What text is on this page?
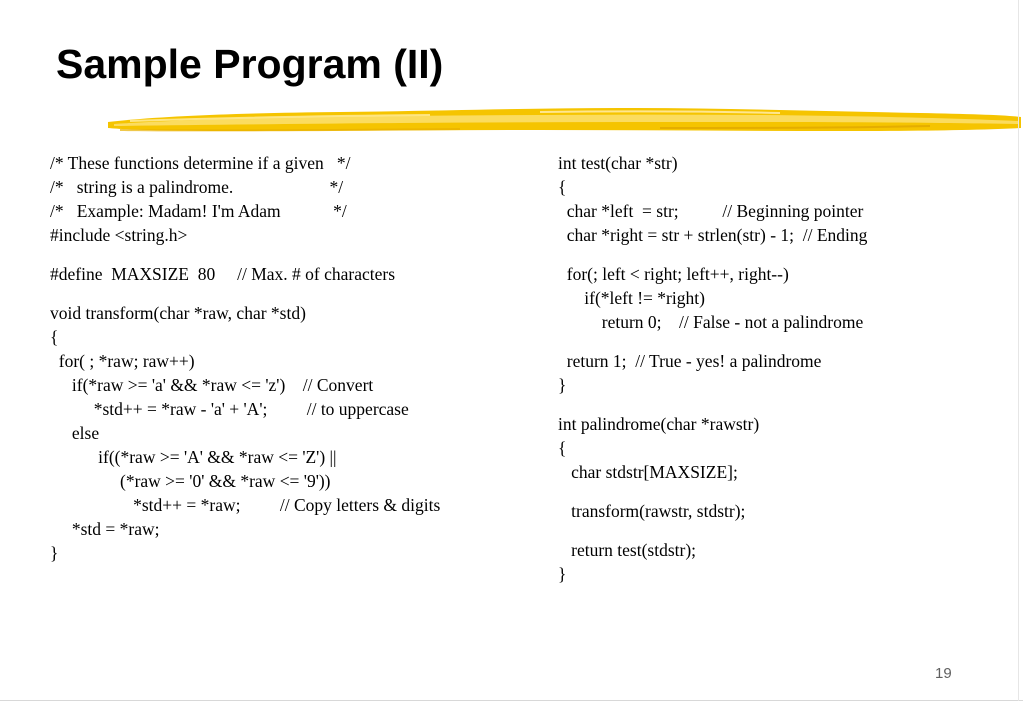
Sample Program (II)
/* These functions determine if a given   */
/*   string is a palindrome.                      */
/*   Example: Madam! I'm Adam            */
#include <string.h>
#define  MAXSIZE  80     // Max. # of characters
void transform(char *raw, char *std)
{
for( ; *raw; raw++)
if(*raw >= 'a' && *raw <= 'z')    // Convert
*std++ = *raw - 'a' + 'A';         // to uppercase
else
if((*raw >= 'A' && *raw <= 'Z') ||
(*raw >= '0' && *raw <= '9'))
*std++ = *raw;         // Copy letters & digits
*std = *raw;
}
int test(char *str)
{
char *left  = str;          // Beginning pointer
char *right = str + strlen(str) - 1;  // Ending
for(; left < right; left++, right--)
if(*left != *right)
return 0;    // False - not a palindrome
return 1;  // True - yes! a palindrome
}
int palindrome(char *rawstr)
{
char stdstr[MAXSIZE];
transform(rawstr, stdstr);
return test(stdstr);
}
19
